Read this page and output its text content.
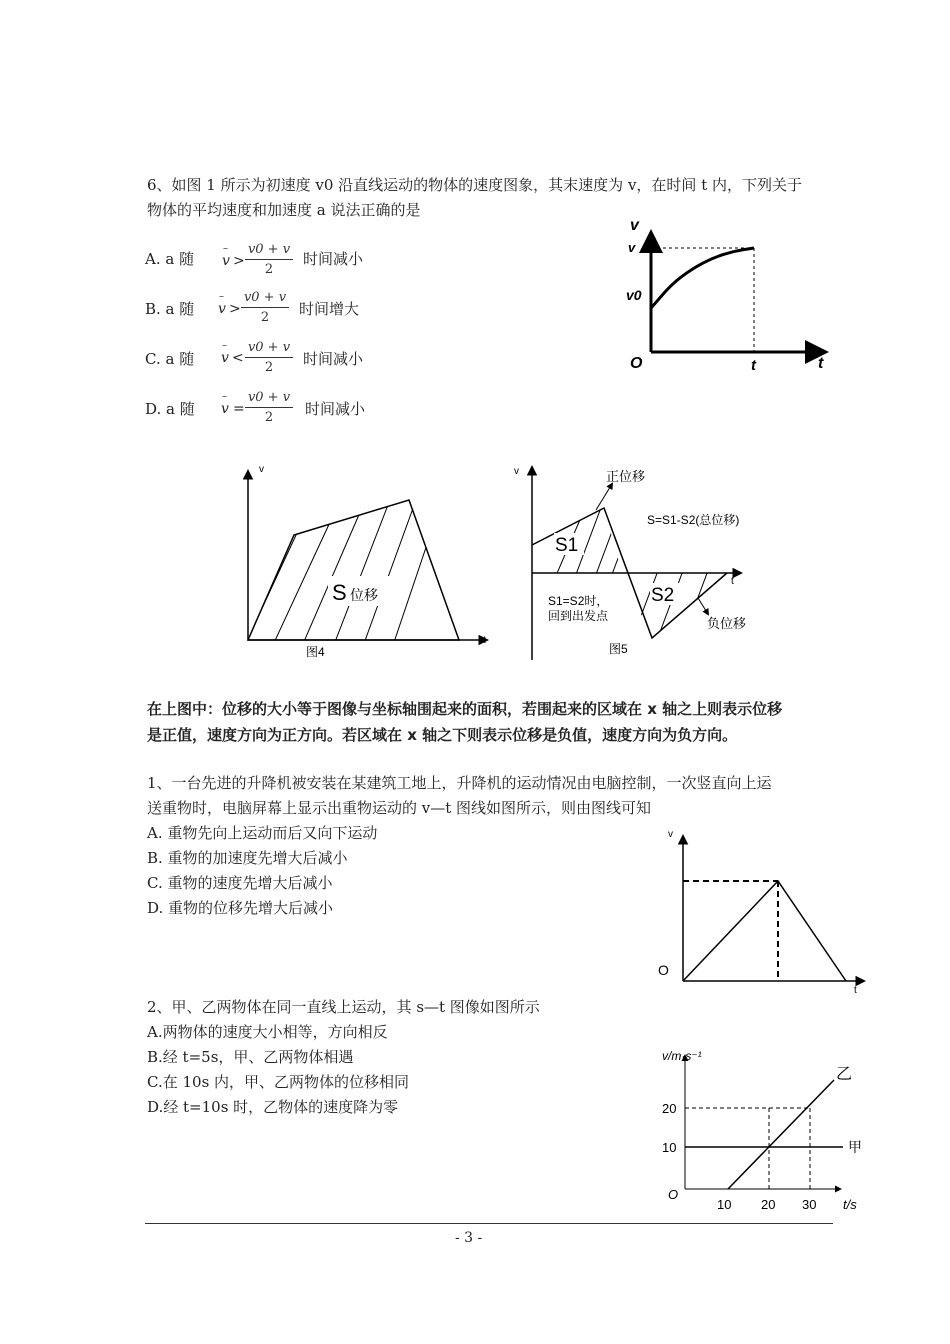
6、如图 1 所示为初速度 v0 沿直线运动的物体的速度图象，其末速度为 v，在时间 t 内，下列关于
物体的平均速度和加速度 a 说法正确的是
A. a 随
–
v >
v0 + v
2
时间减小
B. a 随
–
v >
v0 + v
2	时间增大
C. a 随
–
v <
v0 + v
2	时间减小
D. a 随
–
v =
v0 + v
2	时间减小
v
v
v0
O	t	t
v
t
S 位移
图4
v
t
正位移
S=S1-S2(总位移)
S1
S2
S1=S2时，
回到出发点	负位移
图5
在上图中：位移的大小等于图像与坐标轴围起来的面积，若围起来的区域在 x 轴之上则表示位移
是正值，速度方向为正方向。若区域在 x 轴之下则表示位移是负值，速度方向为负方向。
1、一台先进的升降机被安装在某建筑工地上，升降机的运动情况由电脑控制，一次竖直向上运
送重物时，电脑屏幕上显示出重物运动的 v—t 图线如图所示，则由图线可知
A. 重物先向上运动而后又向下运动
B. 重物的加速度先增大后减小
C. 重物的速度先增大后减小
D. 重物的位移先增大后减小
v
t
O
2、甲、乙两物体在同一直线上运动，其 s—t 图像如图所示
A.两物体的速度大小相等，方向相反
B.经 t=5s，甲、乙两物体相遇
C.在 10s 内，甲、乙两物体的位移相同
D.经 t=10s 时，乙物体的速度降为零
v/m·s⁻¹
t/s
O
20
10
10 20 30
乙
甲
- 3 -
